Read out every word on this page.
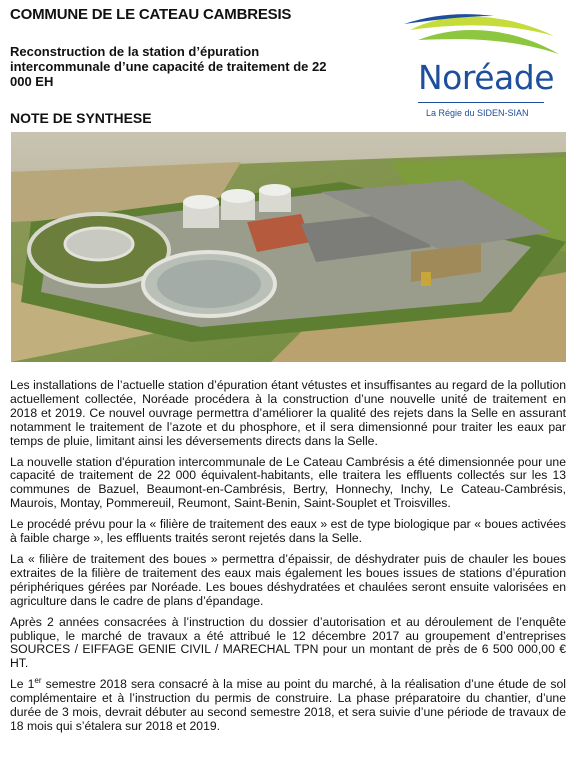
COMMUNE DE LE CATEAU CAMBRESIS
Reconstruction de la station d’épuration intercommunale d’une capacité de traitement de 22 000 EH
NOTE DE SYNTHESE
Noréade
La Régie du SIDEN-SIAN

Les installations de l’actuelle station d’épuration étant vétustes et insuffisantes au regard de la pollution actuellement collectée, Noréade procédera à la construction d’une nouvelle unité de traitement en 2018 et 2019. Ce nouvel ouvrage permettra d’améliorer la qualité des rejets dans la Selle en assurant notamment le traitement de l’azote et du phosphore, et il sera dimensionné pour traiter les eaux par temps de pluie, limitant ainsi les déversements directs dans la Selle.

La nouvelle station d'épuration intercommunale de Le Cateau Cambrésis a été dimensionnée pour une capacité de traitement de 22 000 équivalent-habitants, elle traitera les effluents collectés sur les 13 communes de Bazuel, Beaumont-en-Cambrésis, Bertry, Honnechy, Inchy, Le Cateau-Cambrésis, Maurois, Montay, Pommereuil, Reumont, Saint-Benin, Saint-Souplet et Troisvilles.

Le procédé prévu pour la « filière de traitement des eaux » est de type biologique par « boues activées à faible charge », les effluents traités seront rejetés dans la Selle.

La « filière de traitement des boues » permettra d’épaissir, de déshydrater puis de chauler les boues extraites de la filière de traitement des eaux mais également les boues issues de stations d’épuration périphériques gérées par Noréade. Les boues déshydratées et chaulées seront ensuite valorisées en agriculture dans le cadre de plans d’épandage.

Après 2 années consacrées à l’instruction du dossier d’autorisation et au déroulement de l’enquête publique, le marché de travaux a été attribué le 12 décembre 2017 au groupement d’entreprises SOURCES / EIFFAGE GENIE CIVIL / MARECHAL TPN pour un montant de près de 6 500 000,00 € HT.

Le 1er semestre 2018 sera consacré à la mise au point du marché, à la réalisation d’une étude de sol complémentaire et à l’instruction du permis de construire. La phase préparatoire du chantier, d’une durée de 3 mois, devrait débuter au second semestre 2018, et sera suivie d’une période de travaux de 18 mois qui s’étalera sur 2018 et 2019.
